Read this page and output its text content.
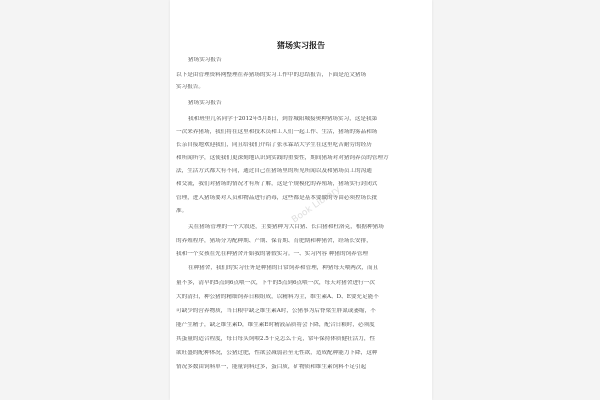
猪场实习报告
猪场实习报告
以下是由管理资料网整理在养猪场的实习工作中的总结报告，下面是范文猪场
实习报告。
猪场实习报告
我和班里几名同学于2012年5月8日，到晋城阳城接奥种猪场实习，这是我第
一次来养猪场，我们将在这里和技术员和工人们一起工作、生活，猪场的雾品和场
长亲自接地欢迎我们，同且给我们介绍了张永霖站大学生在这里吃苦耐劳的经历
和所闻所学，这使我们更深刻地认识到实践的重要性，期间猪场对对猪饲养员的管理方
法，生活方式都大有不同，通过自己在猪场里的所见所闻以及和猪场员工的沟通
和交流，我们对猪场的情况才有所了解，这是个规模化的养殖场，猪场实行封闭式
管理，进入猪场要对人员和物品进行消毒，这些都是基本要做的等由必须控场长批
准。
关在猪场管理的一个大叙述，主要猪种为大白猪、长白猪和杜洛克，根据种猪场
的养殖程序，猪场分为配种期、产期、保育期、育肥期和种猪舍，经场长安排，
我和一个女孩在先在种猪舍开始我的暑假实习。一、实习内容 种猪的饲养管理
在种猪舍，我们的实习任务是种猪的日常饲养和管理，种猪每天喂两次，而且
量不多，清早的5点到6点喂一次，下午的5点到6点喂一次，每天对猪舍进行一次
大的清扫，种公猪的精细饲养日粮组成，以精料为主，维生素A、D、E要充足能不
可缺少的营养物质，当日粮中缺乏维生素A时，公猪事为后脊梁生胖氮或萎缩，不
能产生精子，缺乏维生素D，维生素E时精液品质将会下降，配合日粮时，必须度
其蛋量的适合程度，每日每头饲喂2.5千克怎么千克，常年保持体质健壮活力，性
欲旺盛的配种体况，公猪过肥，性欲会减弱甚至无性欲，造成配种能力下降，这种
情况多数由饲料单一，能量饲料过多，蛋白质，矿物质和维生素饲料不足引起
Book Library
